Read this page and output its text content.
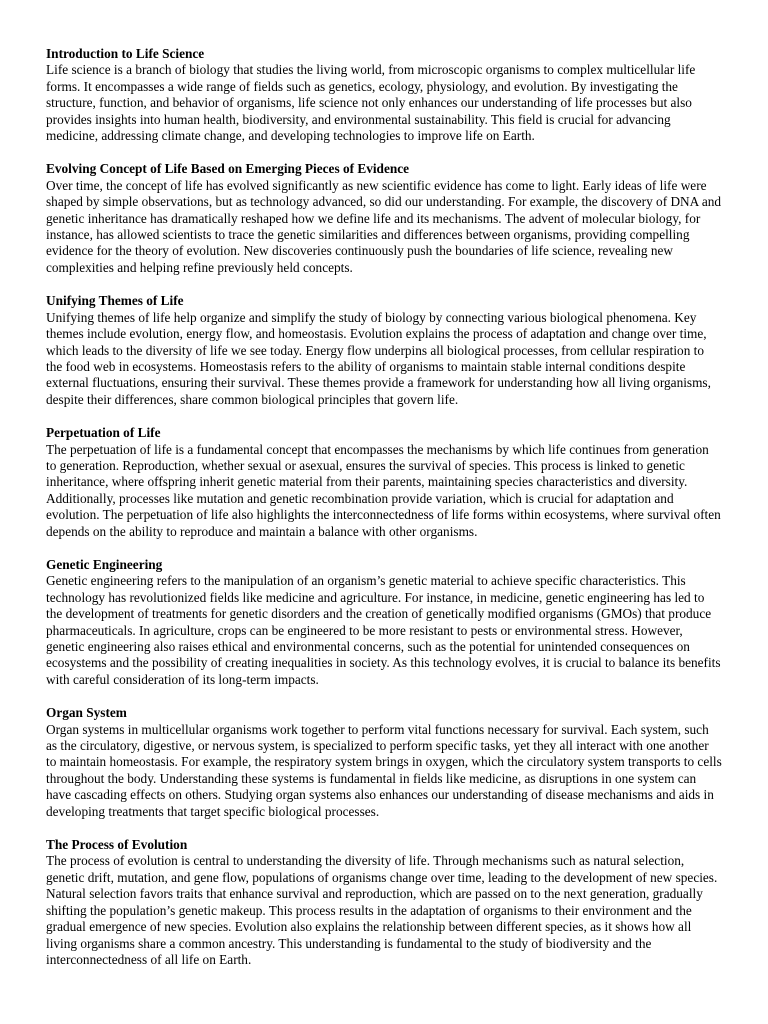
Introduction to Life Science
Life science is a branch of biology that studies the living world, from microscopic organisms to complex multicellular life forms. It encompasses a wide range of fields such as genetics, ecology, physiology, and evolution. By investigating the structure, function, and behavior of organisms, life science not only enhances our understanding of life processes but also provides insights into human health, biodiversity, and environmental sustainability. This field is crucial for advancing medicine, addressing climate change, and developing technologies to improve life on Earth.
Evolving Concept of Life Based on Emerging Pieces of Evidence
Over time, the concept of life has evolved significantly as new scientific evidence has come to light. Early ideas of life were shaped by simple observations, but as technology advanced, so did our understanding. For example, the discovery of DNA and genetic inheritance has dramatically reshaped how we define life and its mechanisms. The advent of molecular biology, for instance, has allowed scientists to trace the genetic similarities and differences between organisms, providing compelling evidence for the theory of evolution. New discoveries continuously push the boundaries of life science, revealing new complexities and helping refine previously held concepts.
Unifying Themes of Life
Unifying themes of life help organize and simplify the study of biology by connecting various biological phenomena. Key themes include evolution, energy flow, and homeostasis. Evolution explains the process of adaptation and change over time, which leads to the diversity of life we see today. Energy flow underpins all biological processes, from cellular respiration to the food web in ecosystems. Homeostasis refers to the ability of organisms to maintain stable internal conditions despite external fluctuations, ensuring their survival. These themes provide a framework for understanding how all living organisms, despite their differences, share common biological principles that govern life.
Perpetuation of Life
The perpetuation of life is a fundamental concept that encompasses the mechanisms by which life continues from generation to generation. Reproduction, whether sexual or asexual, ensures the survival of species. This process is linked to genetic inheritance, where offspring inherit genetic material from their parents, maintaining species characteristics and diversity. Additionally, processes like mutation and genetic recombination provide variation, which is crucial for adaptation and evolution. The perpetuation of life also highlights the interconnectedness of life forms within ecosystems, where survival often depends on the ability to reproduce and maintain a balance with other organisms.
Genetic Engineering
Genetic engineering refers to the manipulation of an organism’s genetic material to achieve specific characteristics. This technology has revolutionized fields like medicine and agriculture. For instance, in medicine, genetic engineering has led to the development of treatments for genetic disorders and the creation of genetically modified organisms (GMOs) that produce pharmaceuticals. In agriculture, crops can be engineered to be more resistant to pests or environmental stress. However, genetic engineering also raises ethical and environmental concerns, such as the potential for unintended consequences on ecosystems and the possibility of creating inequalities in society. As this technology evolves, it is crucial to balance its benefits with careful consideration of its long-term impacts.
Organ System
Organ systems in multicellular organisms work together to perform vital functions necessary for survival. Each system, such as the circulatory, digestive, or nervous system, is specialized to perform specific tasks, yet they all interact with one another to maintain homeostasis. For example, the respiratory system brings in oxygen, which the circulatory system transports to cells throughout the body. Understanding these systems is fundamental in fields like medicine, as disruptions in one system can have cascading effects on others. Studying organ systems also enhances our understanding of disease mechanisms and aids in developing treatments that target specific biological processes.
The Process of Evolution
The process of evolution is central to understanding the diversity of life. Through mechanisms such as natural selection, genetic drift, mutation, and gene flow, populations of organisms change over time, leading to the development of new species. Natural selection favors traits that enhance survival and reproduction, which are passed on to the next generation, gradually shifting the population’s genetic makeup. This process results in the adaptation of organisms to their environment and the gradual emergence of new species. Evolution also explains the relationship between different species, as it shows how all living organisms share a common ancestry. This understanding is fundamental to the study of biodiversity and the interconnectedness of all life on Earth.
